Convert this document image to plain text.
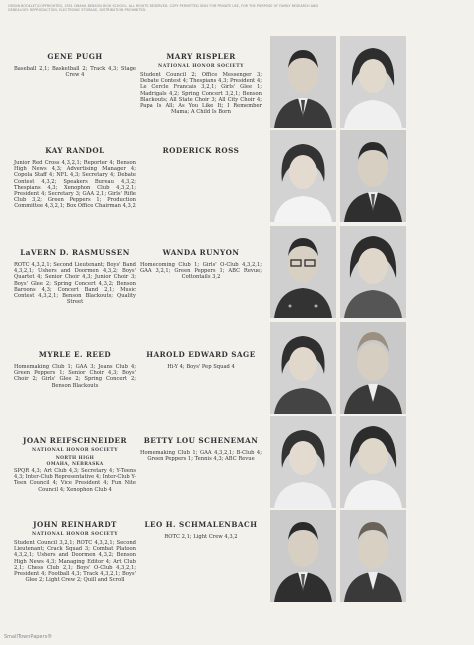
ORIGIN BOOKLET/COPYRIGHTED, 1951 OMAHA BENSON HIGH SCHOOL. ALL RIGHTS RESERVED. COPY PERMITTED ONLY FOR PRIVATE USE, FOR THE PURPOSE OF FAMILY RESEARCH AND GENEALOGY. REPRODUCTION, ELECTRONIC STORAGE, DISTRIBUTION PROHIBITED.
GENE PUGH
Baseball 2,1; Basketball 2; Track 4,3; Stage Crew 4
MARY RISPLER
NATIONAL HONOR SOCIETY
Student Council 2; Office Messenger 3; Debate Contest 4; Thespians 4,3; President 4; Le Cercle Francais 3,2,1; Girls' Glee 1; Madrigals 4,2; Spring Concert 3,2,1; Benson Blackouts; All State Choir 3; All City Choir 4; Papa Is All; As You Like It; I Remember Mama; A Child Is Born
KAY RANDOL
Junior Red Cross 4,3,2,1; Reporter 4; Benson High News 4,3; Advertising Manager 4; Copola Staff 4; NFL 4,3; Secretary 4; Debate Contest 4,3,2; Speakers Bureau 4,3,2; Thespians 4,3; Xenophon Club 4,3,2,1; President 4; Secretary 3; GAA 2,1; Girls' Rifle Club 3,2; Green Peppers 1; Production Committee 4,3,2,1; Box Office Chairman 4,3,2
RODERICK ROSS
LaVERN D. RASMUSSEN
ROTC 4,3,2,1; Second Lieutenant; Boys' Band 4,3,2,1; Ushers and Doormen 4,3,2; Boys' Quartet 4; Senior Choir 4,3; Junior Choir 3; Boys' Glee 2; Spring Concert 4,3,2; Benson Baroons 4,3; Concert Band 2,1; Music Contest 4,3,2,1; Benson Blackouts; Quality Street
WANDA RUNYON
Homecoming Club 1; Girls' O-Club 4,3,2,1; GAA 3,2,1; Green Peppers 1; ABC Revue; Cottontails 3,2
MYRLE E. REED
Homemaking Club 1; GAA 3; Jeans Club 4; Green Peppers 1; Senior Choir 4,3; Boys' Choir 2; Girls' Glee 2; Spring Concert 2; Benson Blackouts
HAROLD EDWARD SAGE
Hi-Y 4; Boys' Pep Squad 4
JOAN REIFSCHNEIDER
NATIONAL HONOR SOCIETY
NORTH HIGH
OMAHA, NEBRASKA
SPQR 4,3; Art Club 4,3; Secretary 4; Y-Teens 4,3; Inter-Club Representative 4; Inter-Club Y-Teen Council 4; Vice President 4; Fun Nite Council 4; Xenophon Club 4
BETTY LOU SCHENEMAN
Homemaking Club 1; GAA 4,3,2,1; B-Club 4; Green Peppers 1; Tennis 4,3; ABC Revue
JOHN REINHARDT
NATIONAL HONOR SOCIETY
Student Council 3,2,1; ROTC 4,3,2,1; Second Lieutenant; Crack Squad 3; Combat Platoon 4,3,2,1; Ushers and Doormen 4,3,2; Benson High News 4,3; Managing Editor 4; Art Club 2,1; Chess Club 2,1; Boys' O-Club 4,3,2,1; President 4; Football 4,3; Track 4,3,2,1; Boys' Glee 2; Light Crew 2; Quill and Scroll
LEO H. SCHMALENBACH
ROTC 2,1; Light Crew 4,3,2
SmallTownPapers®
